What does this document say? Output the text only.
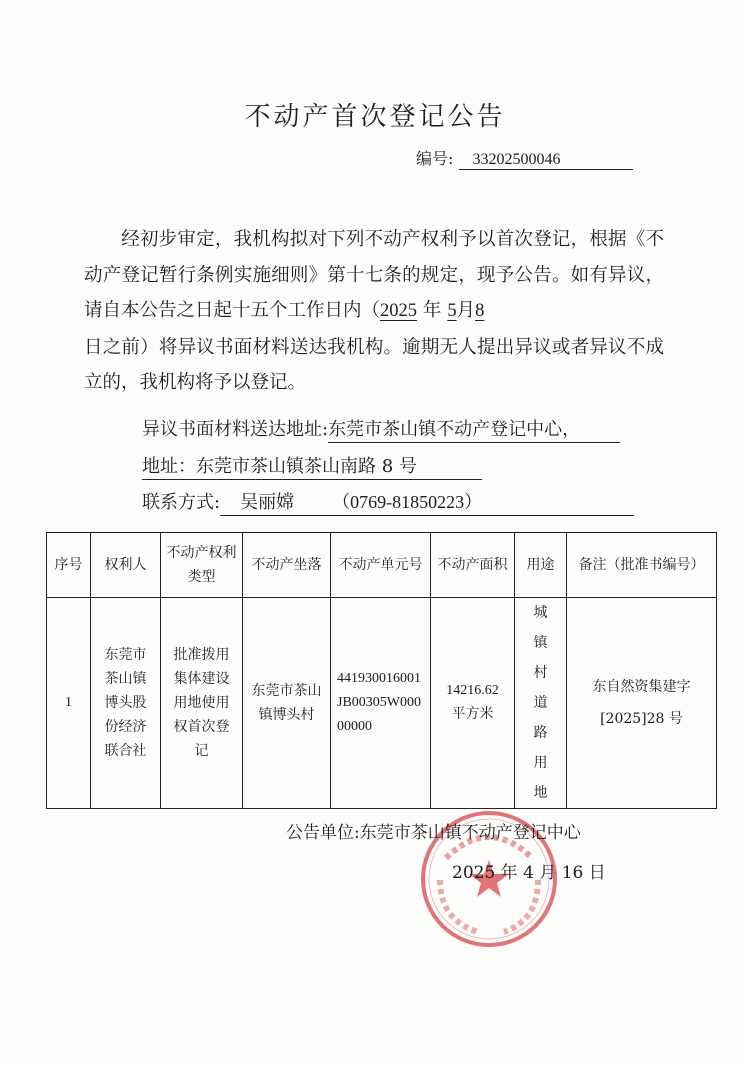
不动产首次登记公告
编号: 33202500046
经初步审定，我机构拟对下列不动产权利予以首次登记，根据《不动产登记暂行条例实施细则》第十七条的规定，现予公告。如有异议，请自本公告之日起十五个工作日内（2025 年 5月8
日之前）将异议书面材料送达我机构。逾期无人提出异议或者异议不成立的，我机构将予以登记。
异议书面材料送达地址:东莞市茶山镇不动产登记中心，
地址：东莞市茶山镇茶山南路 8 号
联系方式: 吴丽嫦 （0769-81850223）
序号	权利人	不动产权利类型	不动产坐落	不动产单元号	不动产面积	用途	备注（批准书编号）
1	东莞市茶山镇博头股份经济联合社	批准拨用集体建设用地使用权首次登记	东莞市茶山镇博头村	441930016001JB00305W00000000	14216.62平方米	城镇村道路用地	东自然资集建字[2025]28 号
公告单位:东莞市茶山镇不动产登记中心
2025 年 4 月 16 日
